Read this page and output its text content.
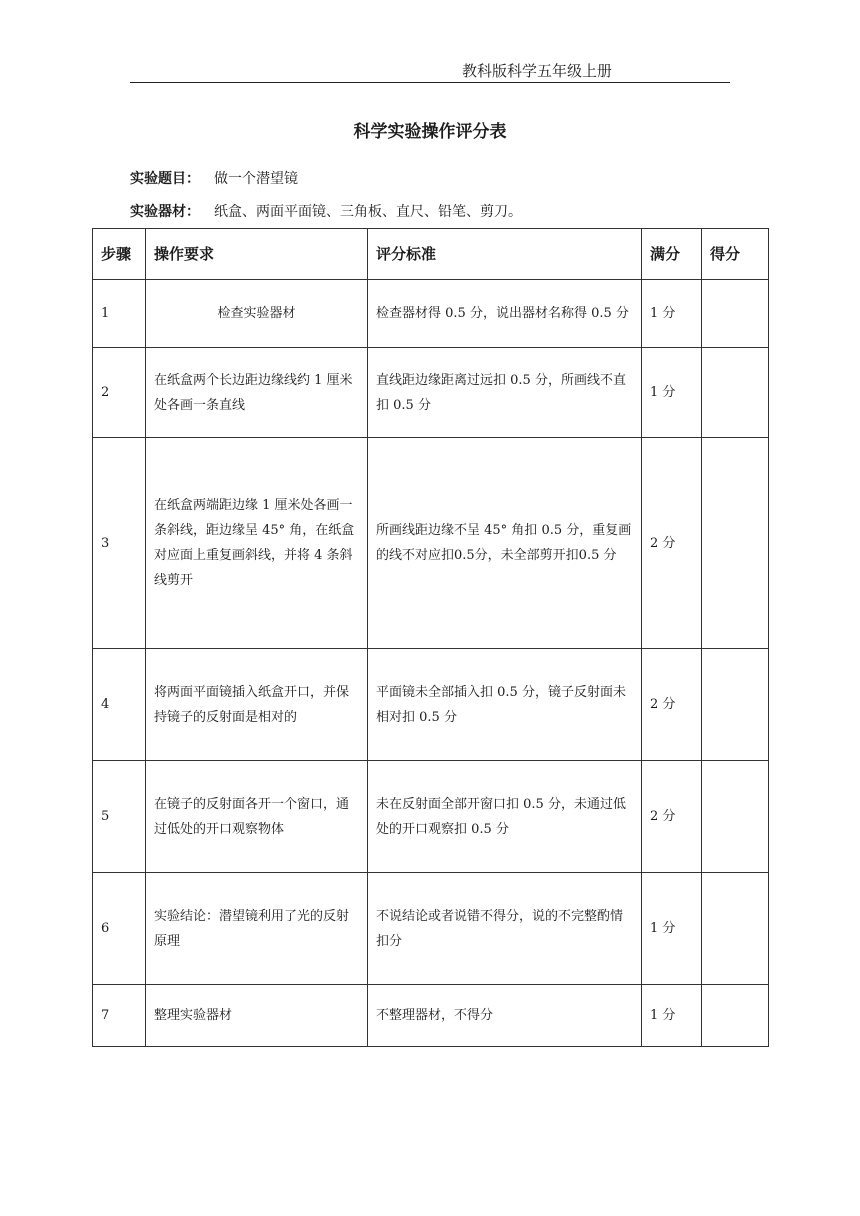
教科版科学五年级上册
科学实验操作评分表
实验题目： 做一个潜望镜
实验器材： 纸盒、两面平面镜、三角板、直尺、铅笔、剪刀。
步骤	操作要求	评分标准	满分	得分
1	检查实验器材	检查器材得 0.5 分，说出器材名称得 0.5 分	1 分	
2	在纸盒两个长边距边缘线约 1 厘米处各画一条直线	直线距边缘距离过远扣 0.5 分，所画线不直扣 0.5 分	1 分	
3	在纸盒两端距边缘 1 厘米处各画一条斜线，距边缘呈 45° 角，在纸盒对应面上重复画斜线，并将 4 条斜线剪开	所画线距边缘不呈 45° 角扣 0.5 分，重复画的线不对应扣0.5分，未全部剪开扣0.5 分	2 分	
4	将两面平面镜插入纸盒开口，并保持镜子的反射面是相对的	平面镜未全部插入扣 0.5 分，镜子反射面未相对扣 0.5 分	2 分	
5	在镜子的反射面各开一个窗口，通过低处的开口观察物体	未在反射面全部开窗口扣 0.5 分，未通过低处的开口观察扣 0.5 分	2 分	
6	实验结论：潜望镜利用了光的反射原理	不说结论或者说错不得分，说的不完整酌情扣分	1 分	
7	整理实验器材	不整理器材，不得分	1 分	
